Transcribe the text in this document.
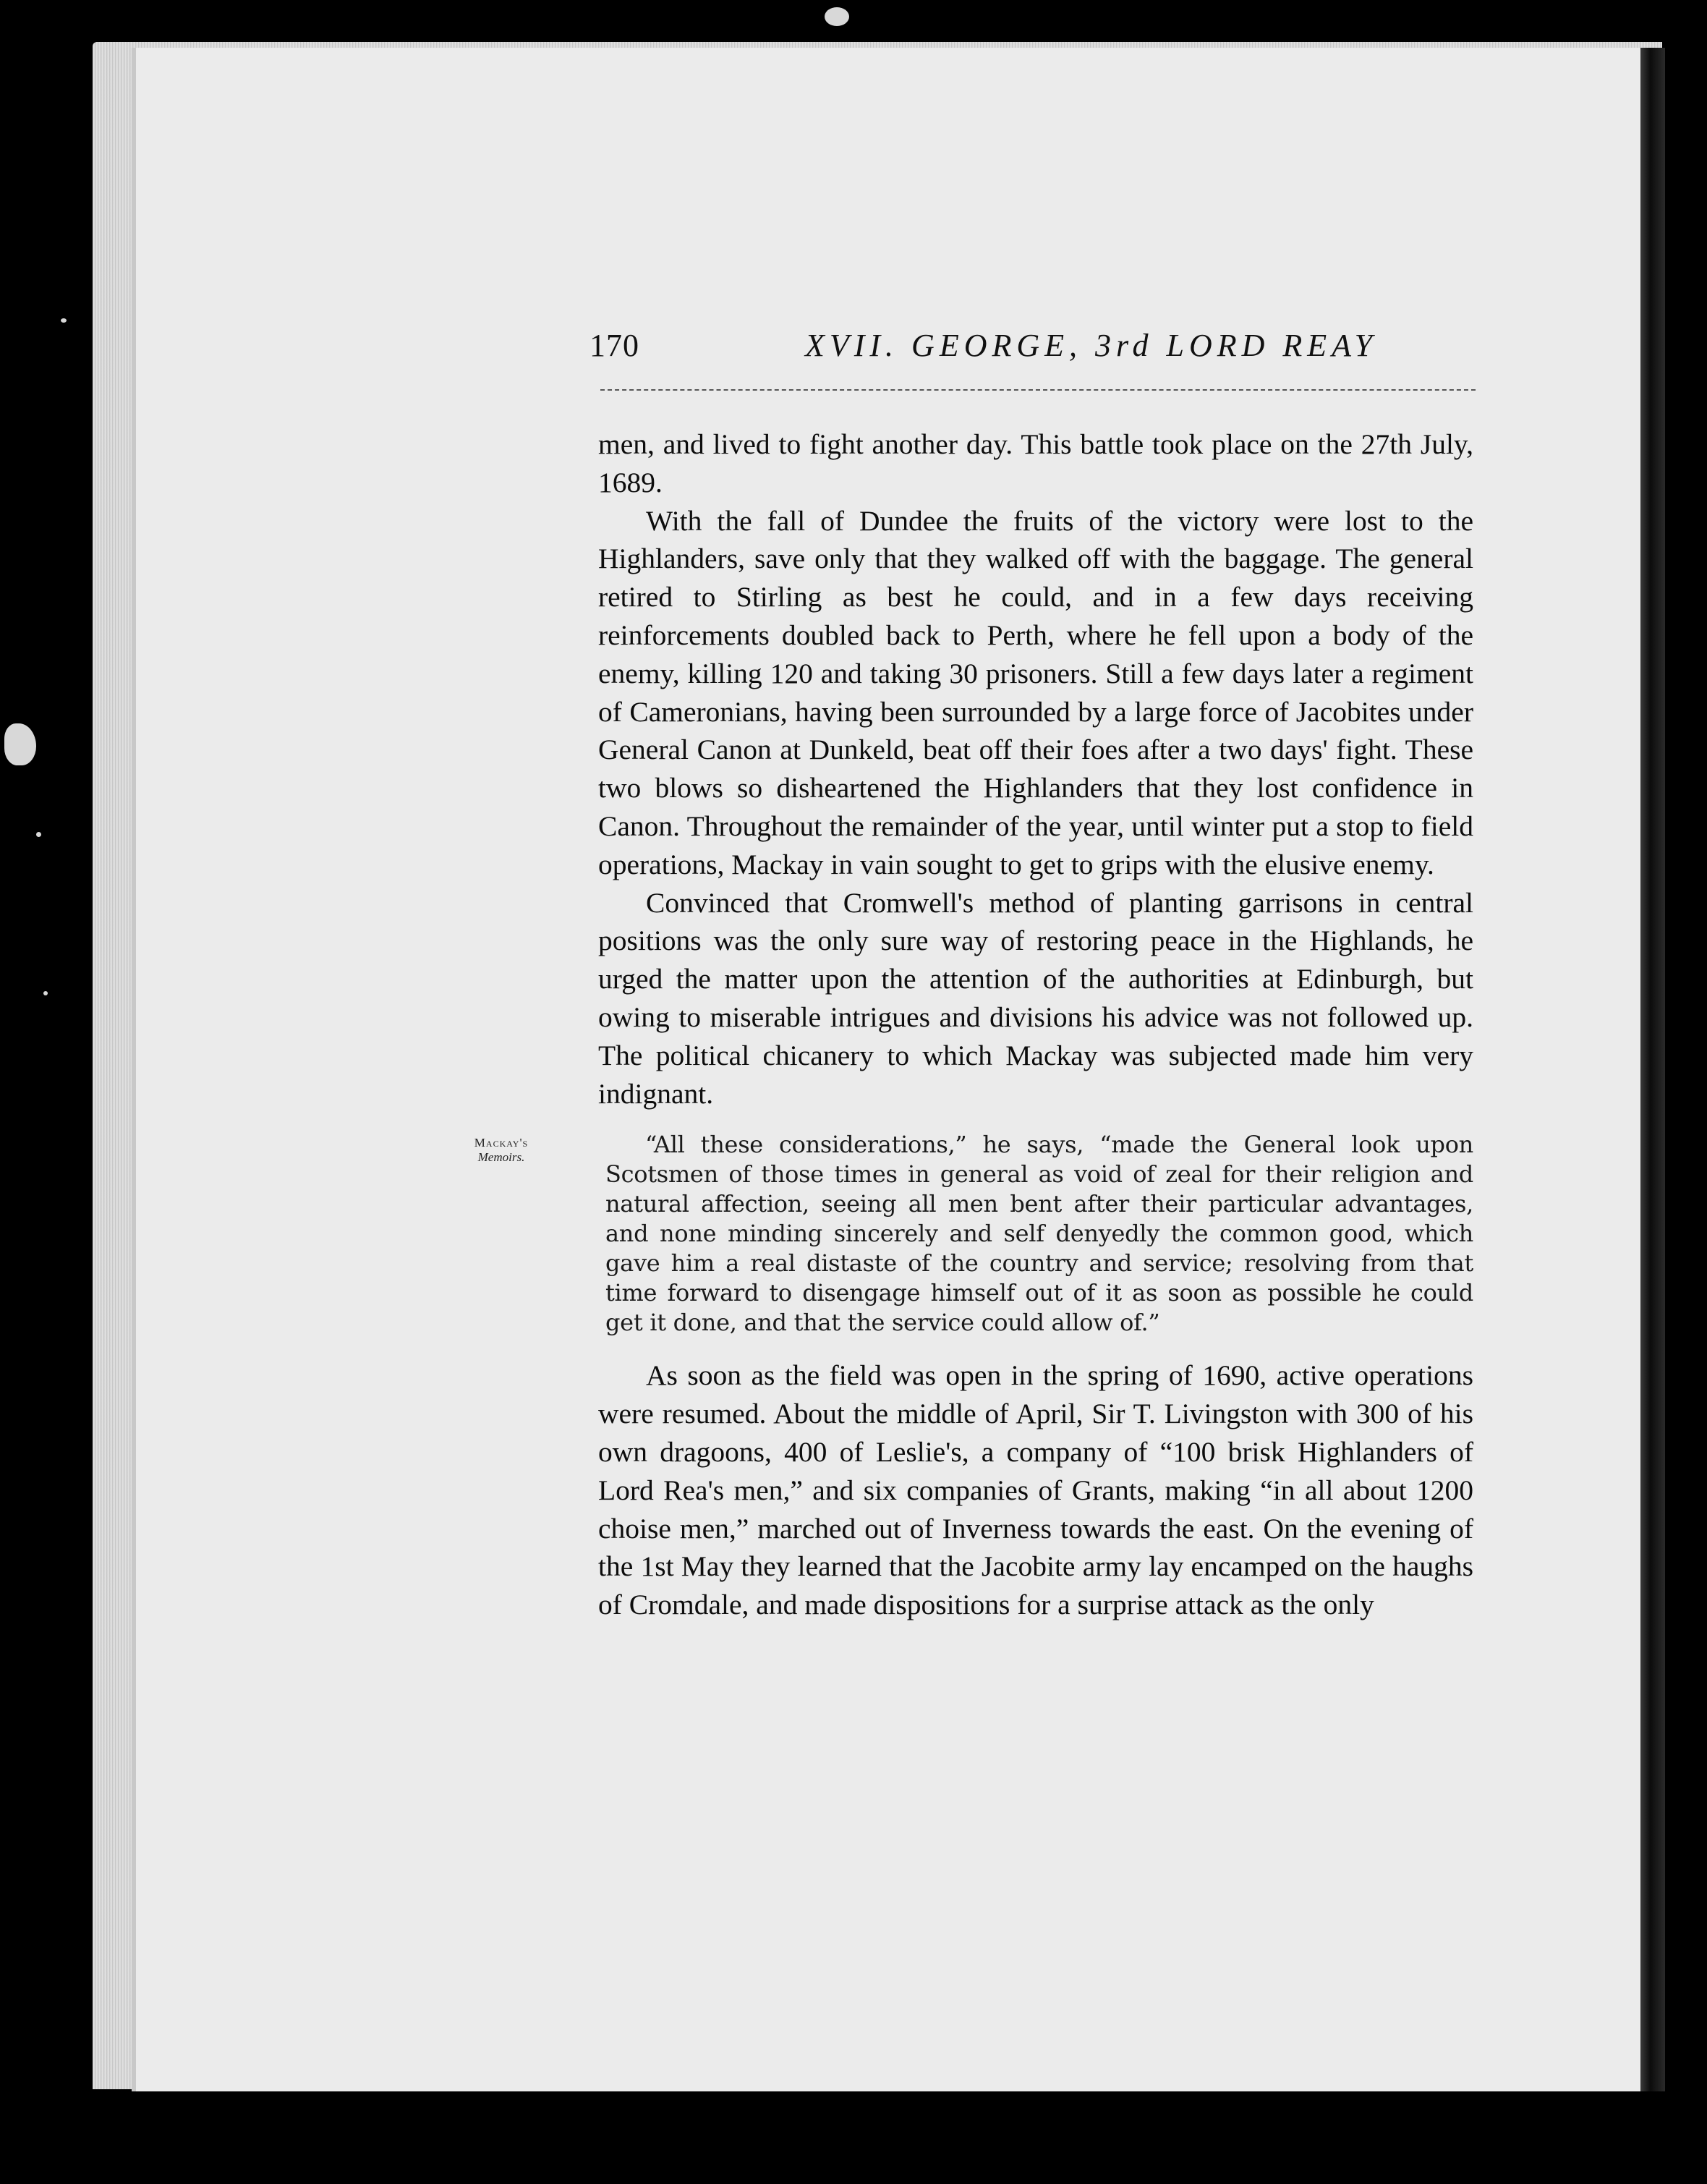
170	XVII. GEORGE, 3rd LORD REAY
Mackay's
Memoirs.

men, and lived to fight another day. This battle took place on the 27th July, 1689.

With the fall of Dundee the fruits of the victory were lost to the Highlanders, save only that they walked off with the baggage. The general retired to Stirling as best he could, and in a few days receiving reinforcements doubled back to Perth, where he fell upon a body of the enemy, killing 120 and taking 30 prisoners. Still a few days later a regiment of Cameronians, having been surrounded by a large force of Jacobites under General Canon at Dunkeld, beat off their foes after a two days' fight. These two blows so disheartened the Highlanders that they lost confidence in Canon. Throughout the remainder of the year, until winter put a stop to field operations, Mackay in vain sought to get to grips with the elusive enemy.

Convinced that Cromwell's method of planting garrisons in central positions was the only sure way of restoring peace in the Highlands, he urged the matter upon the attention of the authorities at Edinburgh, but owing to miserable intrigues and divisions his advice was not followed up. The political chicanery to which Mackay was subjected made him very indignant.

“All these considerations,” he says, “made the General look upon Scotsmen of those times in general as void of zeal for their religion and natural affection, seeing all men bent after their particular advantages, and none minding sincerely and self denyedly the common good, which gave him a real distaste of the country and service; resolving from that time forward to disengage himself out of it as soon as possible he could get it done, and that the service could allow of.”

As soon as the field was open in the spring of 1690, active operations were resumed. About the middle of April, Sir T. Livingston with 300 of his own dragoons, 400 of Leslie's, a company of “100 brisk Highlanders of Lord Rea's men,” and six companies of Grants, making “in all about 1200 choise men,” marched out of Inverness towards the east. On the evening of the 1st May they learned that the Jacobite army lay encamped on the haughs of Cromdale, and made dispositions for a surprise attack as the only
